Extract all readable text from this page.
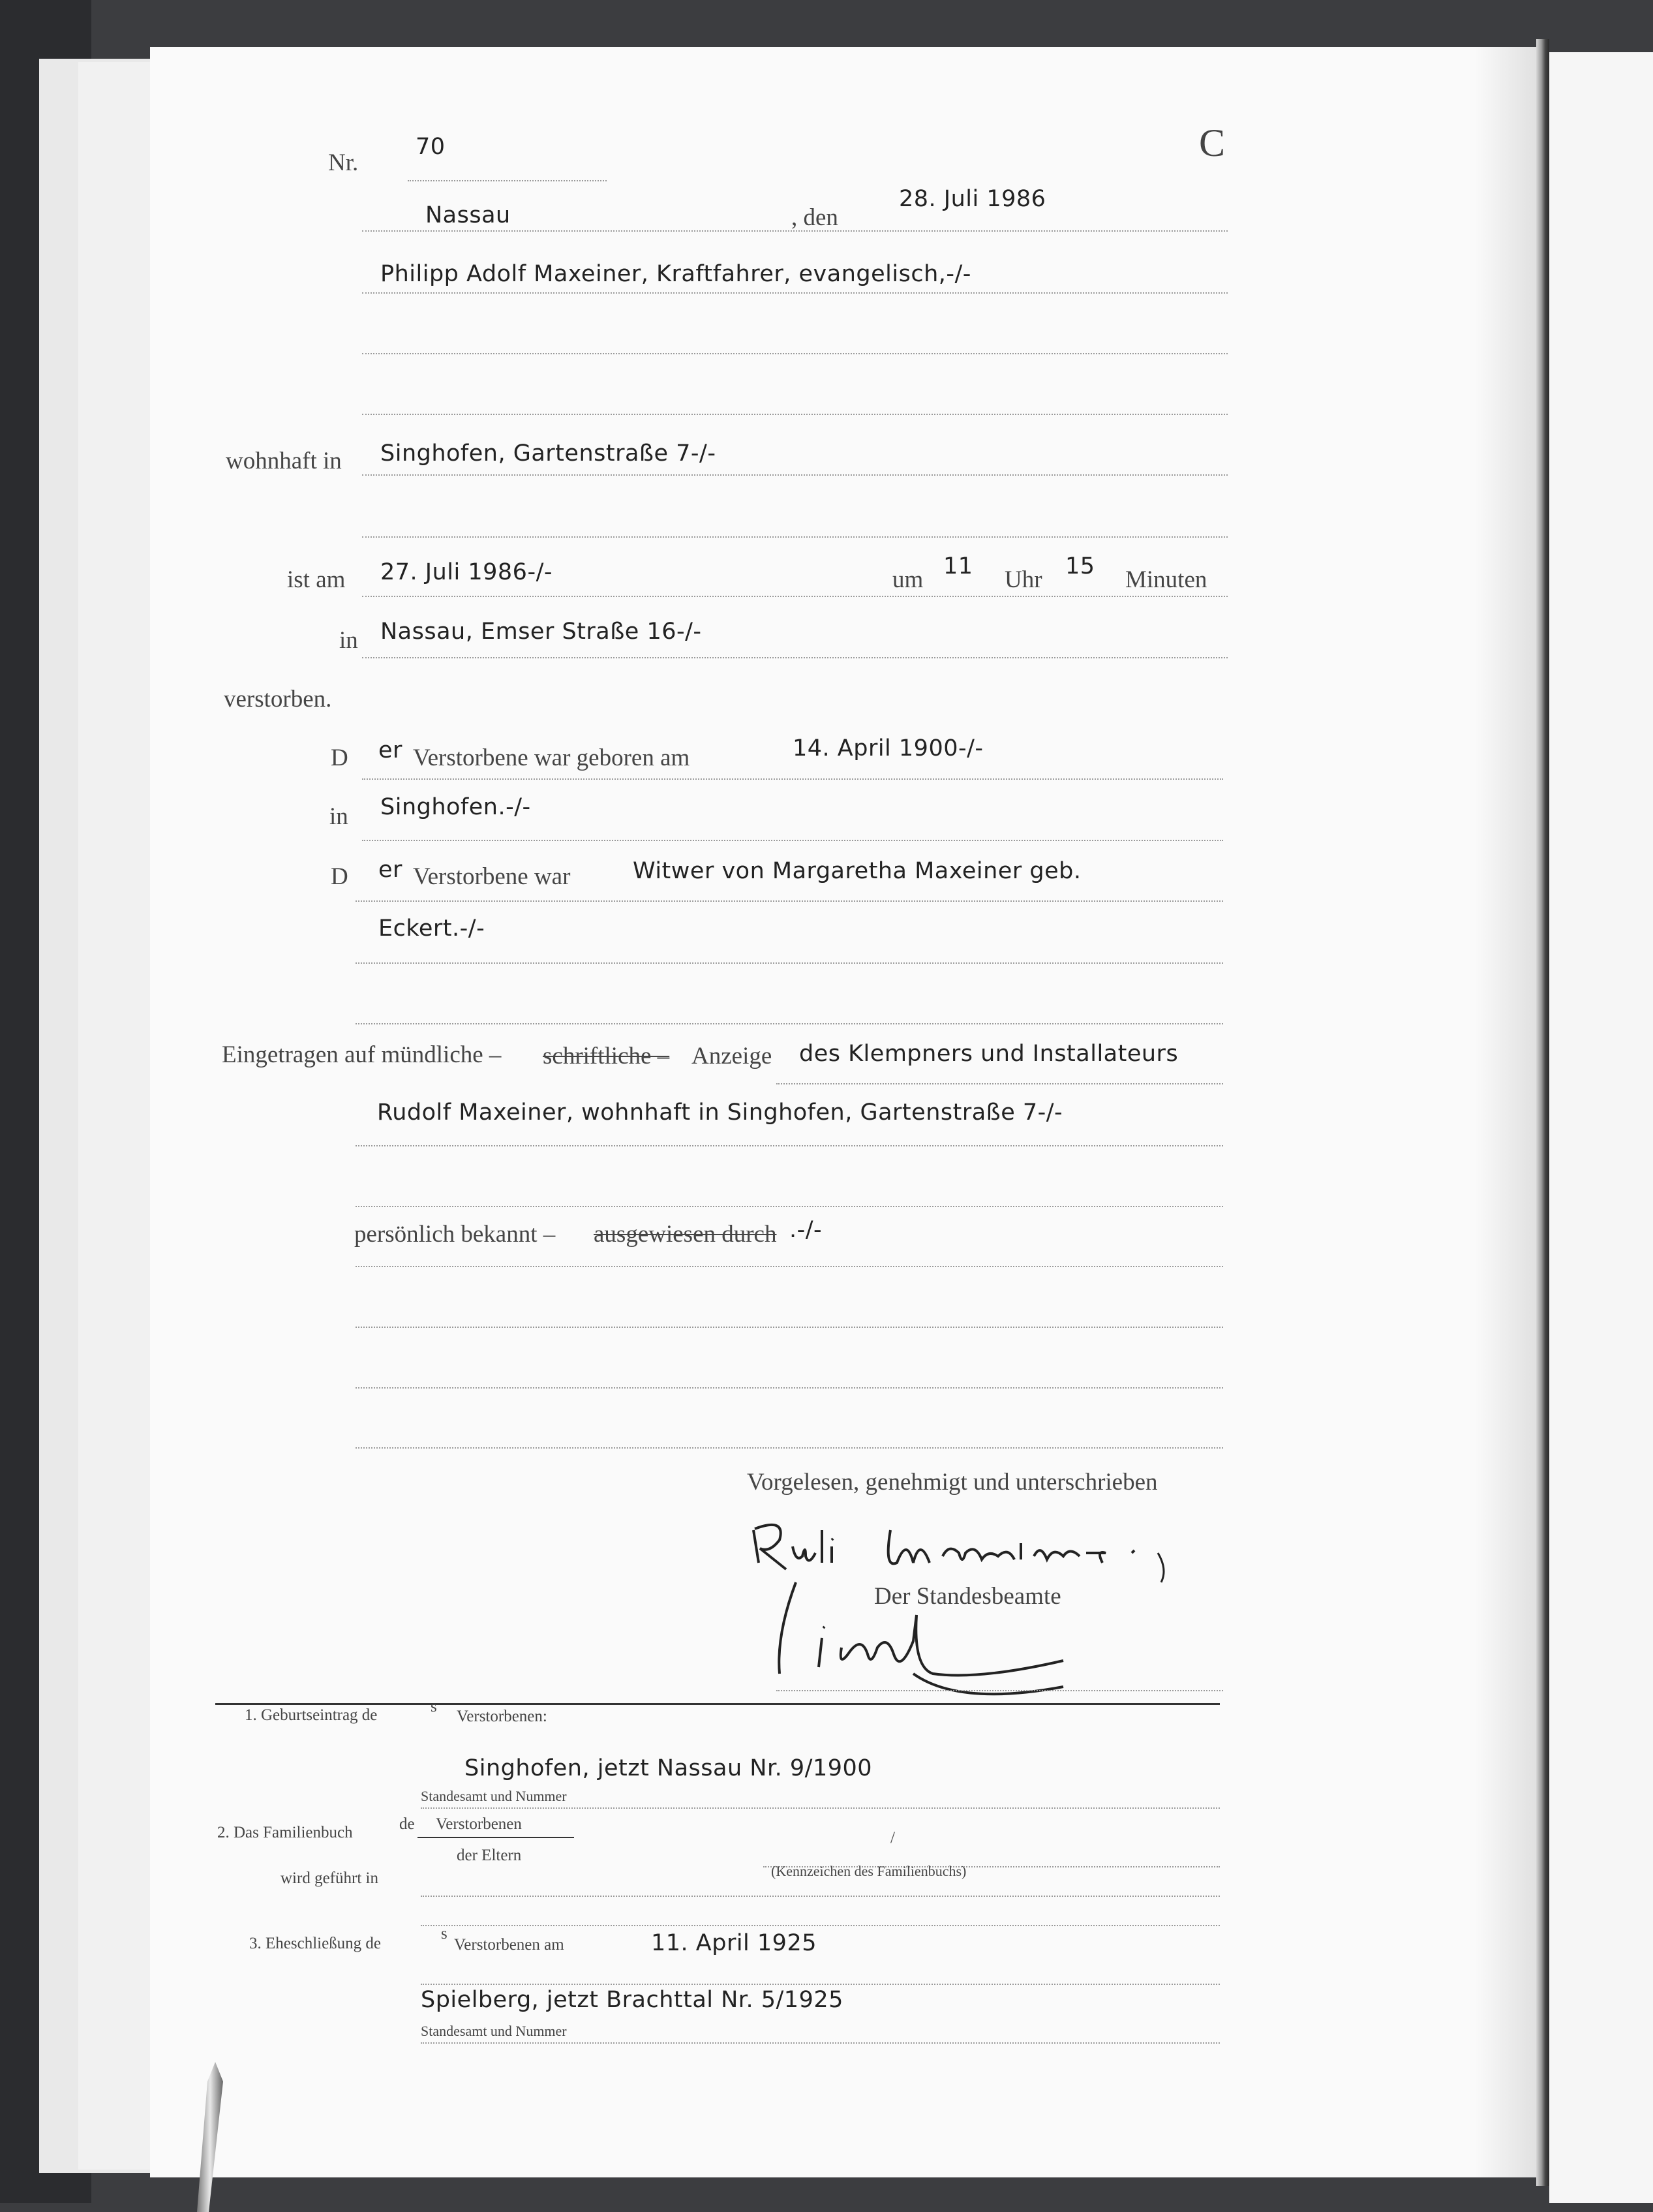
Nr.
70	C
Nassau	, den
28. Juli 1986
Philipp Adolf Maxeiner, Kraftfahrer, evangelisch,-/-
wohnhaft in Singhofen, Gartenstraße 7-/-
ist am 27. Juli 1986-/-	um 11 Uhr 15 Minuten
in Nassau, Emser Straße 16-/-
verstorben.
D er Verstorbene war geboren am	14. April 1900-/-
in Singhofen.-/-
D er Verstorbene war	Witwer von Margaretha Maxeiner geb.
Eckert.-/-
Eingetragen auf mündliche – schriftliche – Anzeige des Klempners und Installateurs
Rudolf Maxeiner, wohnhaft in Singhofen, Gartenstraße 7-/-
persönlich bekannt – ausgewiesen durch .-/-
Vorgelesen, genehmigt und unterschrieben
Der Standesbeamte
1. Geburtseintrag de	s
Verstorbenen:
Singhofen, jetzt Nassau Nr. 9/1900
Standesamt und Nummer
2. Das Familienbuch	de Verstorbenen
der Eltern
/
(Kennzeichen des Familienbuchs)
wird geführt in
3. Eheschließung de
s
Verstorbenen am	11. April 1925
Spielberg, jetzt Brachttal Nr. 5/1925
Standesamt und Nummer
